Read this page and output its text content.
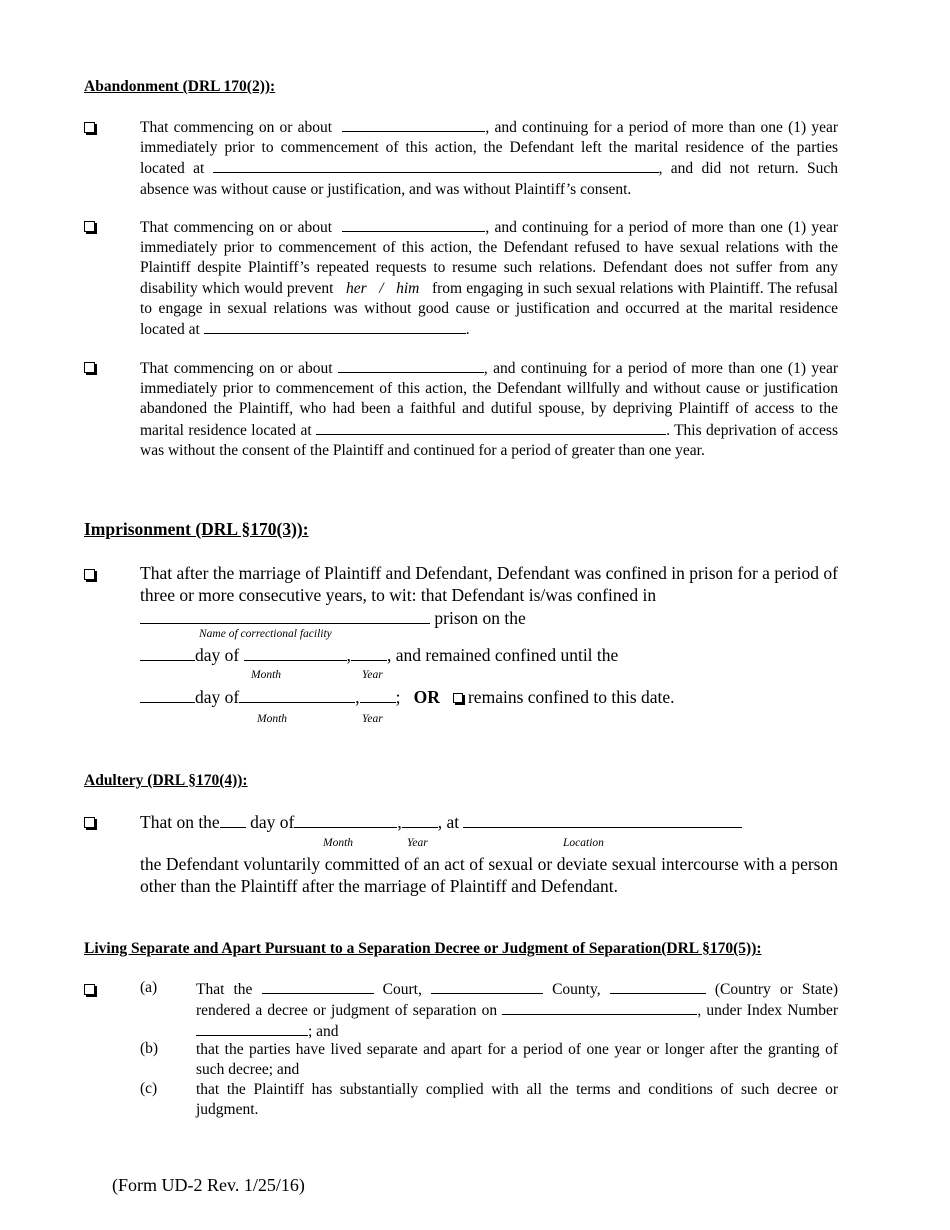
Abandonment (DRL 170(2)):

That commencing on or about	, and continuing for a period of more than one (1) year immediately prior to commencement of this action, the Defendant left the marital residence of the parties located at	, and did not return. Such absence was without cause or justification, and was without Plaintiff’s consent.

That commencing on or about	, and continuing for a period of more than one (1) year immediately prior to commencement of this action, the Defendant refused to have sexual relations with the Plaintiff despite Plaintiff’s repeated requests to resume such relations. Defendant does not suffer from any disability which would prevent her / him from engaging in such sexual relations with Plaintiff. The refusal to engage in sexual relations was without good cause or justification and occurred at the marital residence located at	.

That commencing on or about	, and continuing for a period of more than one (1) year immediately prior to commencement of this action, the Defendant willfully and without cause or justification abandoned the Plaintiff, who had been a faithful and dutiful spouse, by depriving Plaintiff of access to the marital residence located at	. This deprivation of access was without the consent of the Plaintiff and continued for a period of greater than one year.

Imprisonment (DRL §170(3)):

That after the marriage of Plaintiff and Defendant, Defendant was confined in prison for a period of three or more consecutive years, to wit: that Defendant is/was confined in

prison on the
Name of correctional facility
day of	, , and remained confined until the
Month	Year
day of	, ; OR remains confined to this date.
Month	Year
Adultery (DRL §170(4)):
That on the day of	, , at
Month	Year	Location

the Defendant voluntarily committed of an act of sexual or deviate sexual intercourse with a person other than the Plaintiff after the marriage of Plaintiff and Defendant.

Living Separate and Apart Pursuant to a Separation Decree or Judgment of Separation(DRL §170(5)):
(a)	That the	Court,	County,	(Country or State) rendered a decree or judgment of separation on	, under Index Number ; and

(b) that the parties have lived separate and apart for a period of one year or longer after the granting of such decree; and

(c)	that the Plaintiff has substantially complied with all the terms and conditions of such decree or judgment.

(Form UD-2 Rev. 1/25/16)
